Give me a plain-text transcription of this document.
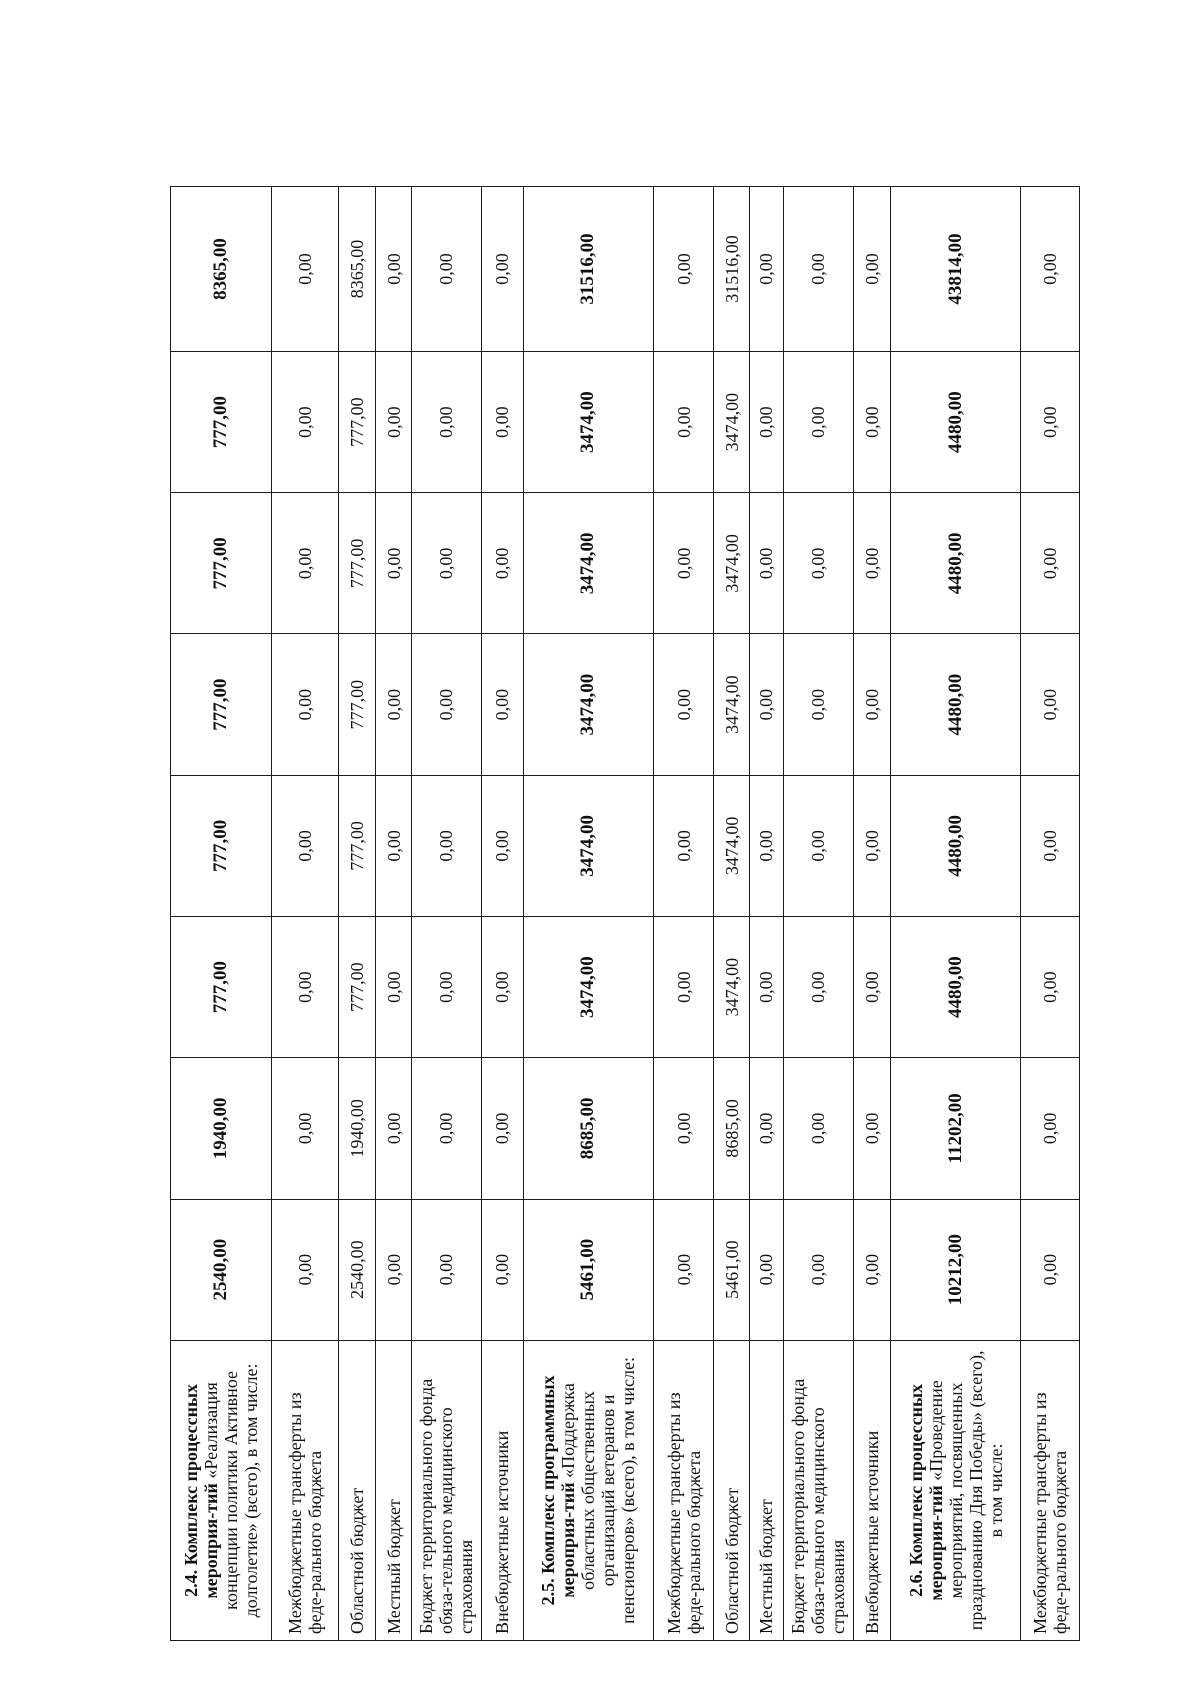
2.4. Комплекс процессных мероприя-тий «Реализация концепции политики Активное долголетие» (всего), в том числе:	2540,00	1940,00	777,00	777,00	777,00	777,00	777,00	8365,00
Межбюджетные трансферты из феде-рального бюджета	0,00	0,00	0,00	0,00	0,00	0,00	0,00	0,00
Областной бюджет	2540,00	1940,00	777,00	777,00	777,00	777,00	777,00	8365,00
Местный бюджет	0,00	0,00	0,00	0,00	0,00	0,00	0,00	0,00
Бюджет территориального фонда обяза-тельного медицинского страхования	0,00	0,00	0,00	0,00	0,00	0,00	0,00	0,00
Внебюджетные источники	0,00	0,00	0,00	0,00	0,00	0,00	0,00	0,00
2.5. Комплекс программных мероприя-тий «Поддержка областных общественных организаций ветеранов и пенсионеров» (всего), в том числе:	5461,00	8685,00	3474,00	3474,00	3474,00	3474,00	3474,00	31516,00
Межбюджетные трансферты из феде-рального бюджета	0,00	0,00	0,00	0,00	0,00	0,00	0,00	0,00
Областной бюджет	5461,00	8685,00	3474,00	3474,00	3474,00	3474,00	3474,00	31516,00
Местный бюджет	0,00	0,00	0,00	0,00	0,00	0,00	0,00	0,00
Бюджет территориального фонда обяза-тельного медицинского страхования	0,00	0,00	0,00	0,00	0,00	0,00	0,00	0,00
Внебюджетные источники	0,00	0,00	0,00	0,00	0,00	0,00	0,00	0,00
2.6. Комплекс процессных мероприя-тий «Проведение мероприятий, посвященных празднованию Дня Победы» (всего), в том числе:	10212,00	11202,00	4480,00	4480,00	4480,00	4480,00	4480,00	43814,00
Межбюджетные трансферты из феде-рального бюджета	0,00	0,00	0,00	0,00	0,00	0,00	0,00	0,00
